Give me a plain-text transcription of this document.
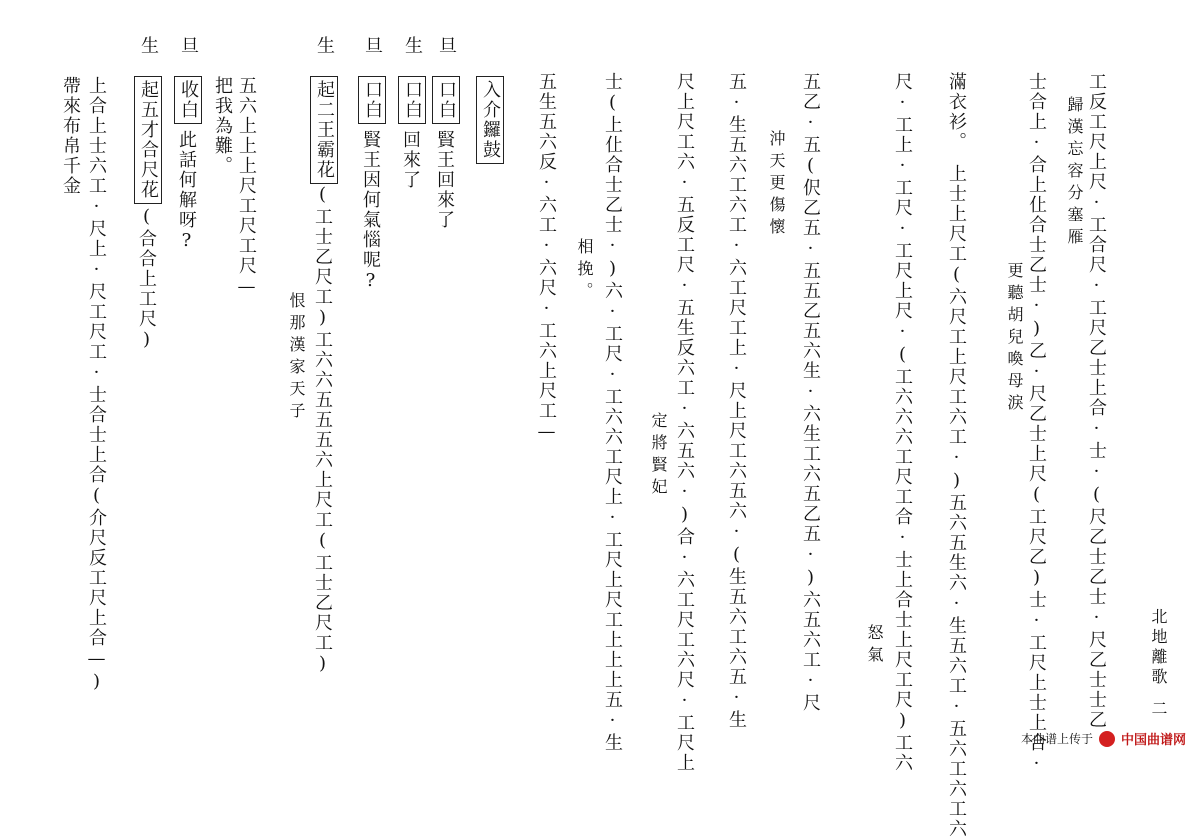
北地離歌
二
工反工尺上尺·工合尺·工尺乙士上合·士·(尺乙士乙士·尺乙士士乙
歸漢忘容分塞雁
士合上·合上仩合士乙士·)乙·尺乙士上尺(工尺乙)士·工尺上士上合·
更聽胡兒喚母淚
滿衣衫。
上士上尺工(六尺工上尺工六工·)五六五生六·生五六工·五六工六工六
尺·工上·工尺·工尺上尺·(工六六六工尺工合·士上合士上尺工尺)工六
怒氣
沖天更傷懷 五乙·五(伬乙五·五五乙五六生·六生工六五乙五·)六五六工·尺
五·生五六工六工·六工尺工上·尺上尺工六五六·(生五六工六五·生
尺上尺工六·五反工尺·五生反六工·六五六·)合·六工尺工六尺·工尺上
定將賢妃
士(上仩合士乙士·)六·工尺·工六六工尺上·工尺上尺工上上上五·生
相挽。
五生五六反·六工·六尺·工六上尺工—
旦
入介鑼鼓
口白
賢王回來了
生
口白
回來了
旦
口白
賢王因何氣惱呢?
生
起二王霸花
(工士乙尺工)工六六五五五六上尺工(工士乙尺工)
恨那漢家天子
五六上上上尺工尺工尺—
旦
收白 把我為難。
此話何解呀?
生
起五才合尺花
(合合上工尺)
上合上士六工·尺上·尺工尺工·士合士上合(介尺反工尺上合—)
帶來布帛千金
本曲谱上传于 中国曲谱网
